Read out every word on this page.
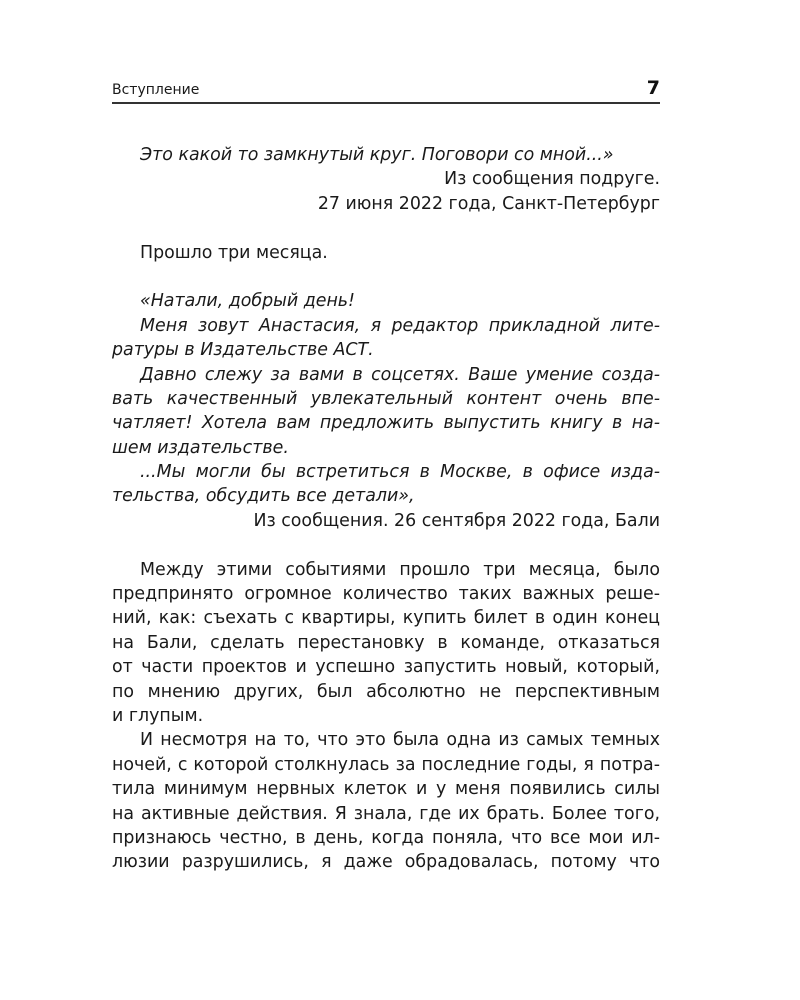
Вступление	7
Это какой то замкнутый круг. Поговори со мной...»
Из сообщения подруге.
27 июня 2022 года, Санкт-Петербург
Прошло три месяца.
«Натали, добрый день!
Меня зовут Анастасия, я редактор прикладной лите-
ратуры в Издательстве АСТ.
Давно слежу за вами в соцсетях. Ваше умение созда-
вать качественный увлекательный контент очень впе-
чатляет! Хотела вам предложить выпустить книгу в на-
шем издательстве.
...Мы могли бы встретиться в Москве, в офисе изда-
тельства, обсудить все детали»,
Из сообщения. 26 сентября 2022 года, Бали
Между этими событиями прошло три месяца, было
предпринято огромное количество таких важных реше-
ний, как: съехать с квартиры, купить билет в один конец
на Бали, сделать перестановку в команде, отказаться
от части проектов и успешно запустить новый, который,
по мнению других, был абсолютно не перспективным
и глупым.
И несмотря на то, что это была одна из самых темных
ночей, с которой столкнулась за последние годы, я потра-
тила минимум нервных клеток и у меня появились силы
на активные действия. Я знала, где их брать. Более того,
признаюсь честно, в день, когда поняла, что все мои ил-
люзии разрушились, я даже обрадовалась, потому что
